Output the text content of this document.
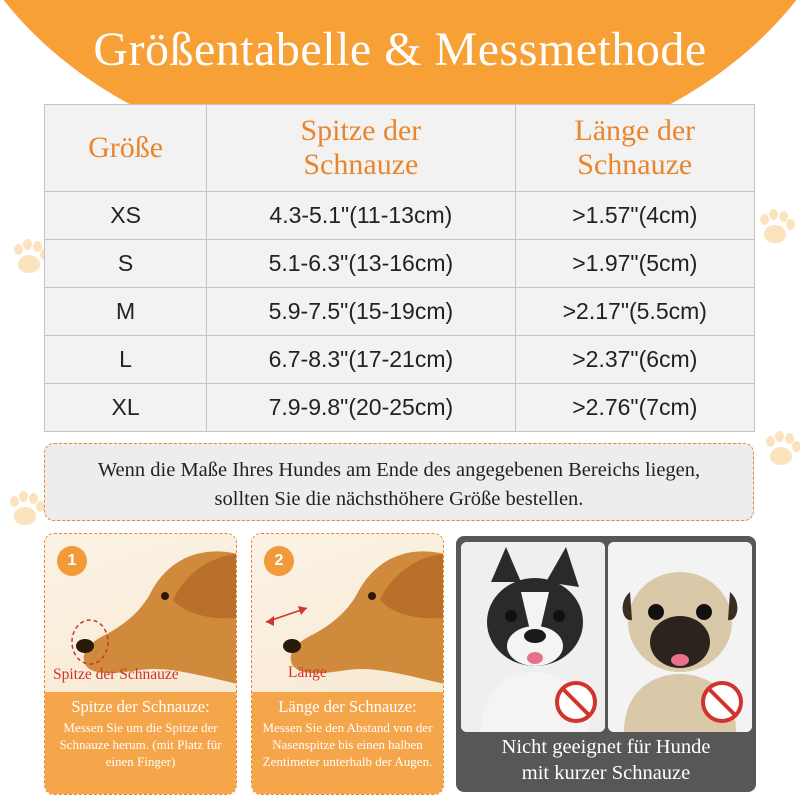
Größentabelle & Messmethode
Größe	Spitze der Schnauze	Länge der Schnauze
XS	4.3-5.1"(11-13cm)	>1.57"(4cm)
S	5.1-6.3"(13-16cm)	>1.97"(5cm)
M	5.9-7.5"(15-19cm)	>2.17"(5.5cm)
L	6.7-8.3"(17-21cm)	>2.37"(6cm)
XL	7.9-9.8"(20-25cm)	>2.76"(7cm)
Wenn die Maße Ihres Hundes am Ende des angegebenen Bereichs liegen,
sollten Sie die nächsthöhere Größe bestellen.
1
Spitze der Schnauze
Spitze der Schnauze:
Messen Sie um die Spitze der Schnauze herum. (mit Platz für einen Finger)
2
Länge
Länge der Schnauze:
Messen Sie den Abstand von der Nasenspitze bis einen halben Zentimeter unterhalb der Augen.
Nicht geeignet für Hunde
mit kurzer Schnauze
